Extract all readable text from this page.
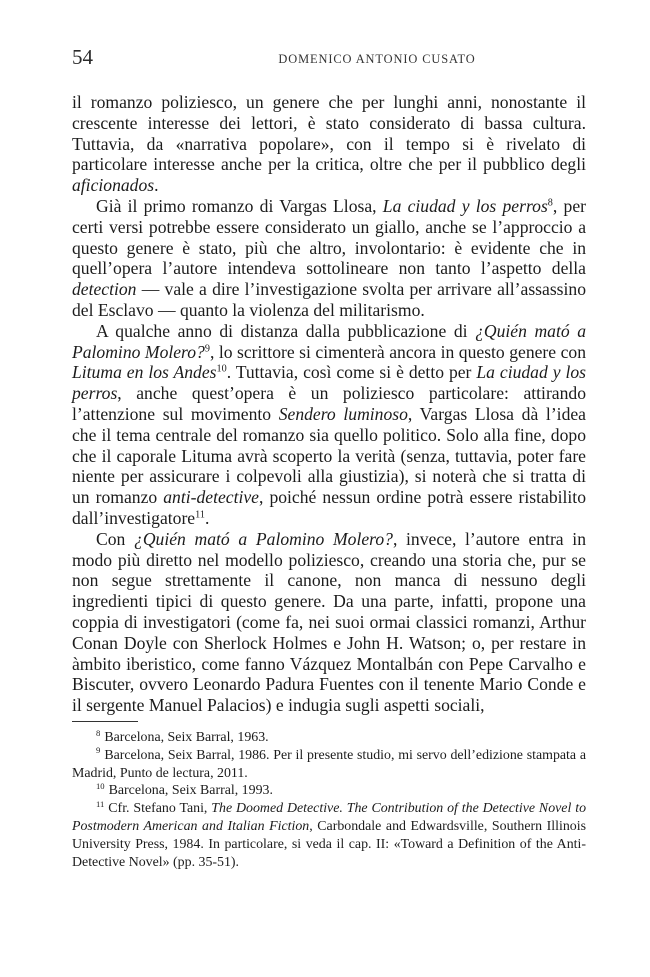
54	DOMENICO ANTONIO CUSATO

il romanzo poliziesco, un genere che per lunghi anni, nonostante il crescente interesse dei lettori, è stato considerato di bassa cultura. Tuttavia, da «narrativa popolare», con il tempo si è rivelato di particolare interesse anche per la critica, oltre che per il pubblico degli aficionados.

Già il primo romanzo di Vargas Llosa, La ciudad y los perros$^8$, per certi versi potrebbe essere considerato un giallo, anche se l’approccio a questo genere è stato, più che altro, involontario: è evidente che in quell’opera l’autore intendeva sottolineare non tanto l’aspetto della detection — vale a dire l’investigazione svolta per arrivare all’assassino del Esclavo — quanto la violenza del militarismo.

A qualche anno di distanza dalla pubblicazione di ¿Quién mató a Palomino Molero?$^9$, lo scrittore si cimenterà ancora in questo genere con Lituma en los Andes$^{10}$. Tuttavia, così come si è detto per La ciudad y los perros, anche quest’opera è un poliziesco particolare: attirando l’attenzione sul movimento Sendero luminoso, Vargas Llosa dà l’idea che il tema centrale del romanzo sia quello politico. Solo alla fine, dopo che il caporale Lituma avrà scoperto la verità (senza, tuttavia, poter fare niente per assicurare i colpevoli alla giustizia), si noterà che si tratta di un romanzo anti-detective, poiché nessun ordine potrà essere ristabilito dall’investigatore$^{11}$.

Con ¿Quién mató a Palomino Molero?, invece, l’autore entra in modo più diretto nel modello poliziesco, creando una storia che, pur se non segue strettamente il canone, non manca di nessuno degli ingredienti tipici di questo genere. Da una parte, infatti, propone una coppia di investigatori (come fa, nei suoi ormai classici romanzi, Arthur Conan Doyle con Sherlock Holmes e John H. Watson; o, per restare in àmbito iberistico, come fanno Vázquez Montalbán con Pepe Carvalho e Biscuter, ovvero Leonardo Padura Fuentes con il tenente Mario Conde e il sergente Manuel Palacios) e indugia sugli aspetti sociali,

$^8$ Barcelona, Seix Barral, 1963.

$^9$ Barcelona, Seix Barral, 1986. Per il presente studio, mi servo dell’edizione stampata a Madrid, Punto de lectura, 2011.

$^{10}$ Barcelona, Seix Barral, 1993.

$^{11}$ Cfr. Stefano Tani, The Doomed Detective. The Contribution of the Detective Novel to Postmodern American and Italian Fiction, Carbondale and Edwardsville, Southern Illinois University Press, 1984. In particolare, si veda il cap. II: «Toward a Definition of the Anti-Detective Novel» (pp. 35-51).
